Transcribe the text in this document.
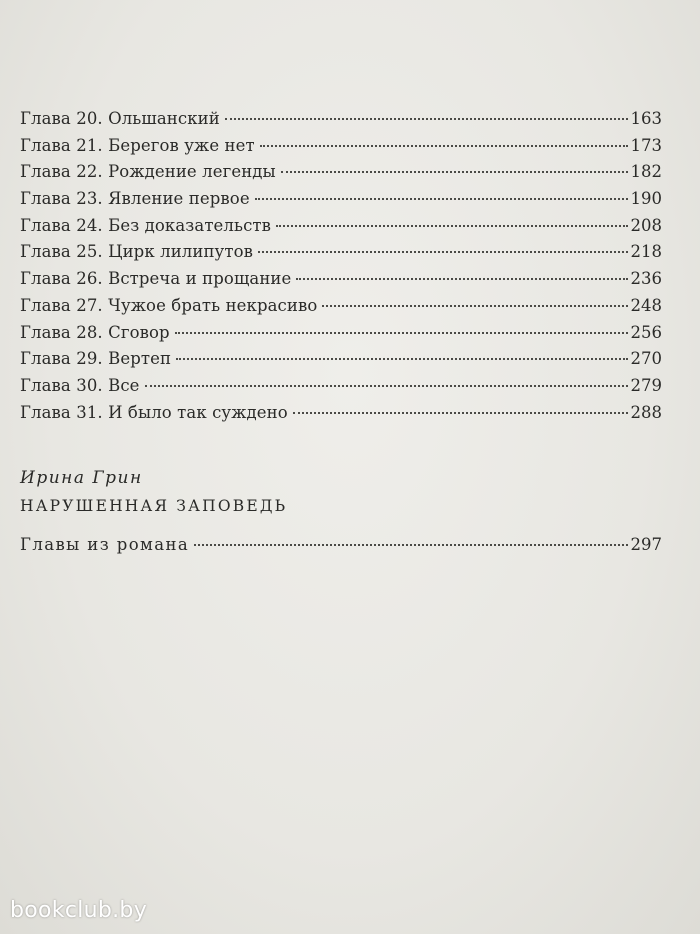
Глава 20. Ольшанский	163
Глава 21. Берегов уже нет	173
Глава 22. Рождение легенды	182
Глава 23. Явление первое	190
Глава 24. Без доказательств	208
Глава 25. Цирк лилипутов	218
Глава 26. Встреча и прощание	236
Глава 27. Чужое брать некрасиво	248
Глава 28. Сговор	256
Глава 29. Вертеп	270
Глава 30. Все	279
Глава 31. И было так суждено	288
Ирина Грин
НАРУШЕННАЯ ЗАПОВЕДЬ
Главы из романа	297
bookclub.by
